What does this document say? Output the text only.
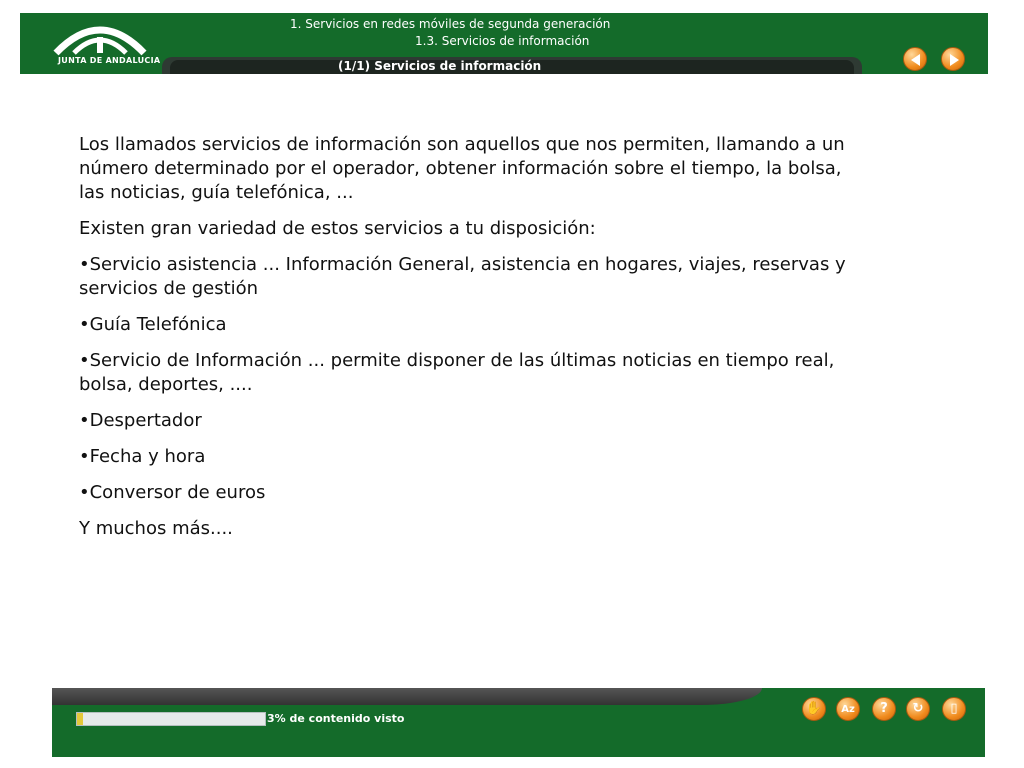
JUNTA DE ANDALUCIA
1. Servicios en redes móviles de segunda generación
1.3. Servicios de información
(1/1) Servicios de información

Los llamados servicios de información son aquellos que nos permiten, llamando a un número determinado por el operador, obtener información sobre el tiempo, la bolsa, las noticias, guía telefónica, ...

Existen gran variedad de estos servicios a tu disposición:

•Servicio asistencia ... Información General, asistencia en hogares, viajes, reservas y servicios de gestión

•Guía Telefónica

•Servicio de Información ... permite disponer de las últimas noticias en tiempo real, bolsa, deportes, ....

•Despertador

•Fecha y hora

•Conversor de euros

Y muchos más....

3% de contenido visto
✋	Az	?	↻	▯
